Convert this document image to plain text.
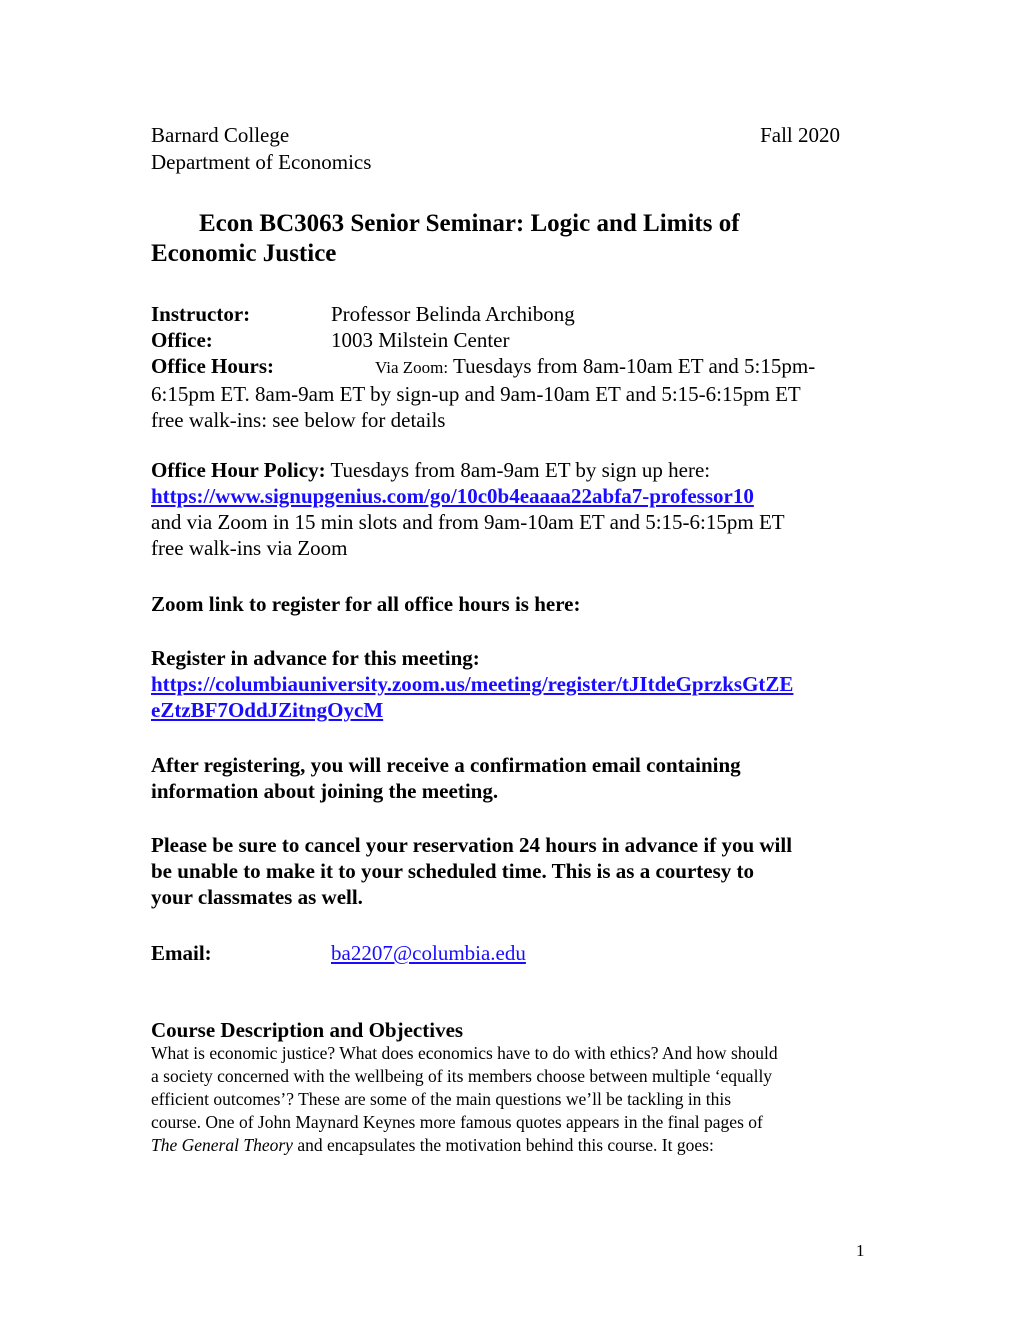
Barnard College	Fall 2020
Department of Economics
Econ BC3063 Senior Seminar: Logic and Limits of
Economic Justice
Instructor:	Professor Belinda Archibong
Office:	1003 Milstein Center
Office Hours:	Via Zoom: Tuesdays from 8am-10am ET and 5:15pm-
6:15pm ET. 8am-9am ET by sign-up and 9am-10am ET and 5:15-6:15pm ET
free walk-ins: see below for details
Office Hour Policy: Tuesdays from 8am-9am ET by sign up here:
https://www.signupgenius.com/go/10c0b4eaaaa22abfa7-professor10
and via Zoom in 15 min slots and from 9am-10am ET and 5:15-6:15pm ET
free walk-ins via Zoom
Zoom link to register for all office hours is here:
Register in advance for this meeting:
https://columbiauniversity.zoom.us/meeting/register/tJItdeGprzksGtZE
eZtzBF7OddJZitngOycM
After registering, you will receive a confirmation email containing
information about joining the meeting.
Please be sure to cancel your reservation 24 hours in advance if you will
be unable to make it to your scheduled time. This is as a courtesy to
your classmates as well.
Email:	ba2207@columbia.edu
Course Description and Objectives
What is economic justice? What does economics have to do with ethics? And how should
a society concerned with the wellbeing of its members choose between multiple ‘equally
efficient outcomes’? These are some of the main questions we’ll be tackling in this
course. One of John Maynard Keynes more famous quotes appears in the final pages of
The General Theory and encapsulates the motivation behind this course. It goes:
1
